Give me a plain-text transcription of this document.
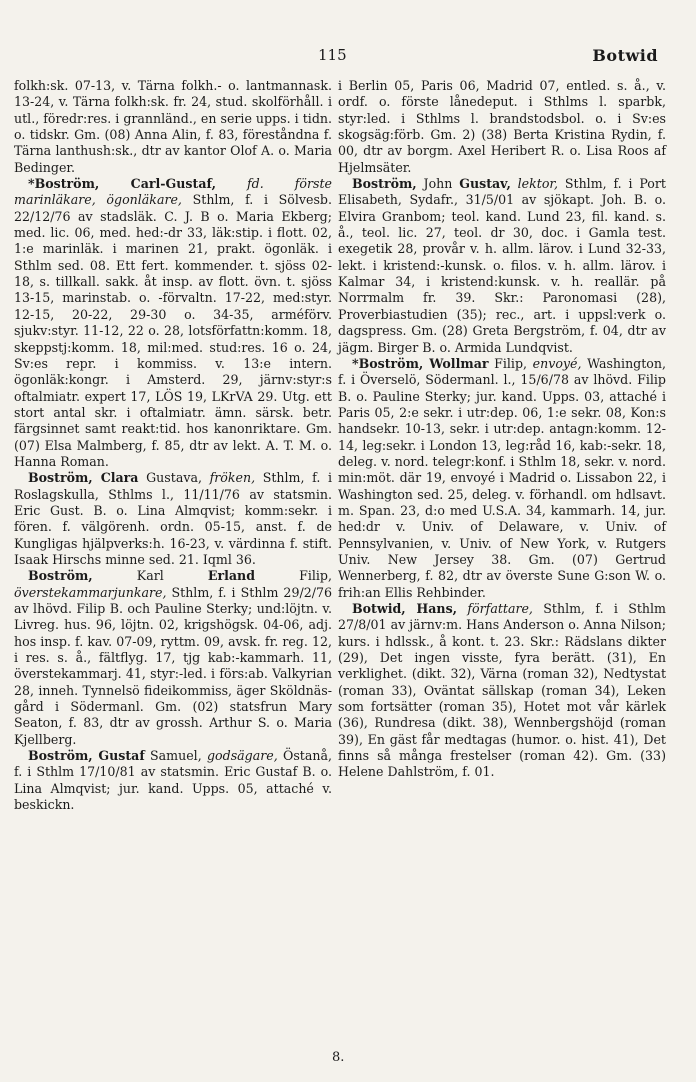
115	Botwid

folkh:sk. 07-13, v. Tärna folkh.- o. lantmannask. 13-24, v. Tärna folkh:sk. fr. 24, stud. skolförhåll. i utl., föredr:res. i grannländ., en serie upps. i tidn. o. tidskr. Gm. (08) Anna Alin, f. 83, föreståndna f. Tärna lanthush:sk., dtr av kantor Olof A. o. Maria Bedinger.

*Boström, Carl-Gustaf, fd. förste marinläkare, ögonläkare, Sthlm, f. i Sölvesb. 22/12/76 av stadsläk. C. J. B o. Maria Ekberg; med. lic. 06, med. hed:-dr 33, läk:stip. i flott. 02, 1:e marinläk. i marinen 21, prakt. ögonläk. i Sthlm sed. 08. Ett fert. kommender. t. sjöss 02-18, s. tillkall. sakk. åt insp. av flott. övn. t. sjöss 13-15, marinstab. o. -förvaltn. 17-22, med:styr. 12-15, 20-22, 29-30 o. 34-35, arméförv. sjukv:styr. 11-12, 22 o. 28, lotsförfattn:komm. 18, skeppstj:komm. 18, mil:med. stud:res. 16 o. 24, Sv:es repr. i kommiss. v. 13:e intern. ögonläk:kongr. i Amsterd. 29, järnv:styr:s oftalmiatr. expert 17, LÖS 19, LKrVA 29. Utg. ett stort antal skr. i oftalmiatr. ämn. särsk. betr. färgsinnet samt reakt:tid. hos kanonriktare. Gm. (07) Elsa Malmberg, f. 85, dtr av lekt. A. T. M. o. Hanna Roman.

Boström, Clara Gustava, fröken, Sthlm, f. i Roslagskulla, Sthlms l., 11/11/76 av statsmin. Eric Gust. B. o. Lina Almqvist; komm:sekr. i fören. f. välgörenh. ordn. 05-15, anst. f. de Kungligas hjälpverks:h. 16-23, v. värdinna f. stift. Isaak Hirschs minne sed. 21. Iqml 36.

Boström,	Karl	Erland	Filip, överstekammarjunkare, Sthlm, f. i Sthlm 29/2/76 av lhövd. Filip B. och Pauline Sterky; und:löjtn. v. Livreg. hus. 96, löjtn. 02, krigshögsk. 04-06, adj. hos insp. f. kav. 07-09, ryttm. 09, avsk. fr. reg. 12, i res. s. å., fältflyg. 17, tjg kab:-kammarh. 11, överstekammarj. 41, styr:-led. i förs:ab. Valkyrian 28, inneh. Tynnelsö fideikommiss, äger Sköldnäs-gård i Södermanl. Gm. (02) statsfrun Mary Seaton, f. 83, dtr av grossh. Arthur S. o. Maria Kjellberg.

Boström, Gustaf Samuel, godsägare, Östanå, f. i Sthlm 17/10/81 av statsmin. Eric Gustaf B. o. Lina Almqvist; jur. kand. Upps. 05, attaché v. beskickn.

i Berlin 05, Paris 06, Madrid 07, entled. s. å., v. ordf. o. förste lånedeput. i Sthlms l. sparbk, styr:led. i Sthlms l. brandstodsbol. o. i Sv:es skogsäg:förb. Gm. 2) (38) Berta Kristina Rydin, f. 00, dtr av borgm. Axel Heribert R. o. Lisa Roos af Hjelmsäter.

Boström, John Gustav, lektor, Sthlm, f. i Port Elisabeth, Sydafr., 31/5/01 av sjökapt. Joh. B. o. Elvira Granbom; teol. kand. Lund 23, fil. kand. s. å., teol. lic. 27, teol. dr 30, doc. i Gamla test. exegetik 28, provår v. h. allm. lärov. i Lund 32-33, lekt. i kristend:-kunsk. o. filos. v. h. allm. lärov. i Kalmar 34, i kristend:kunsk. v. h. reallär. på Norrmalm fr. 39. Skr.: Paronomasi (28), Proverbiastudien (35); rec., art. i uppsl:verk o. dagspress. Gm. (28) Greta Bergström, f. 04, dtr av jägm. Birger B. o. Armida Lundqvist.

*Boström, Wollmar Filip, envoyé, Washington, f. i Överselö, Södermanl. l., 15/6/78 av lhövd. Filip B. o. Pauline Sterky; jur. kand. Upps. 03, attaché i Paris 05, 2:e sekr. i utr:dep. 06, 1:e sekr. 08, Kon:s handsekr. 10-13, sekr. i utr:dep. antagn:komm. 12-14, leg:sekr. i London 13, leg:råd 16, kab:-sekr. 18, deleg. v. nord. telegr:konf. i Sthlm 18, sekr. v. nord. min:möt. där 19, envoyé i Madrid o. Lissabon 22, i Washington sed. 25, deleg. v. förhandl. om hdlsavt. m. Span. 23, d:o med U.S.A. 34, kammarh. 14, jur. hed:dr v. Univ. of Delaware, v. Univ. of Pennsylvanien, v. Univ. of New York, v. Rutgers Univ. New Jersey 38. Gm. (07) Gertrud Wennerberg, f. 82, dtr av överste Sune G:son W. o. frih:an Ellis Rehbinder.

Botwid, Hans, författare, Sthlm, f. i Sthlm 27/8/01 av järnv:m. Hans Anderson o. Anna Nilson; kurs. i hdlssk., å kont. t. 23. Skr.: Rädslans dikter (29), Det ingen visste, fyra berätt. (31), En verklighet. (dikt. 32), Värna (roman 32), Nedtystat (roman 33), Oväntat sällskap (roman 34), Leken som fortsätter (roman 35), Hotet mot vår kärlek (36), Rundresa (dikt. 38), Wennbergshöjd (roman 39), En gäst får medtagas (humor. o. hist. 41), Det finns så många frestelser (roman 42). Gm. (33) Helene Dahlström, f. 01.

8.
